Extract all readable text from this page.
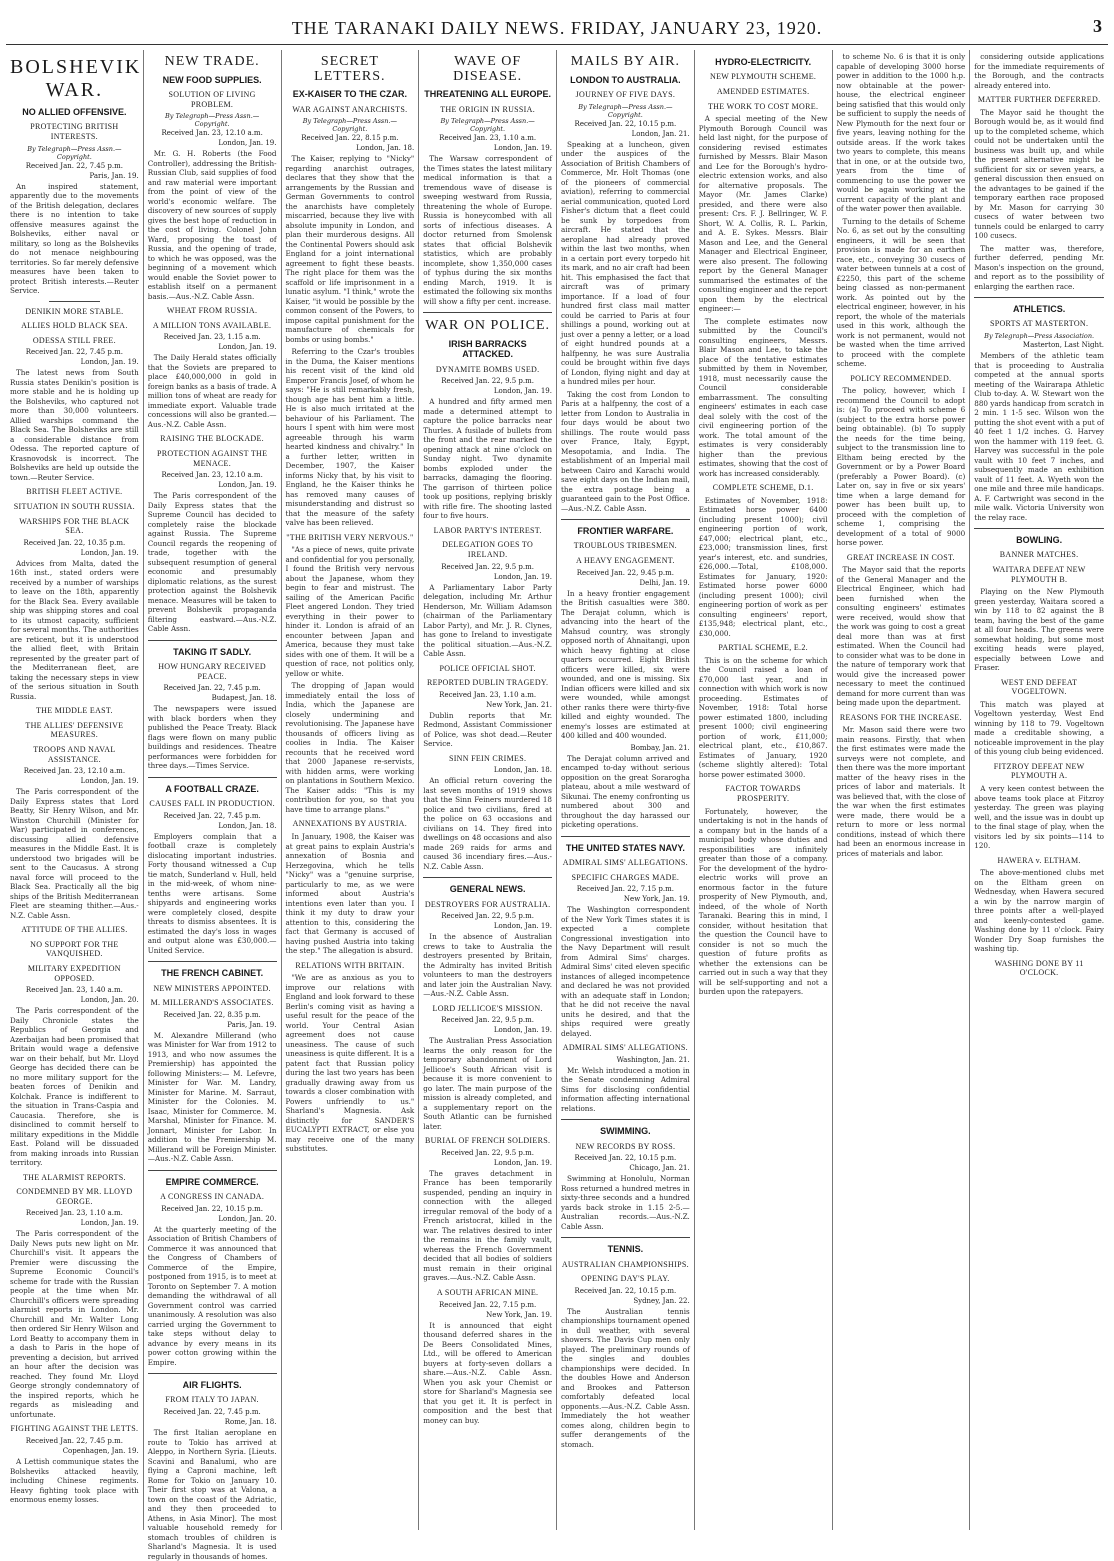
THE TARANAKI DAILY NEWS. FRIDAY, JANUARY 23, 1920.	3
BOLSHEVIK WAR.
NO ALLIED OFFENSIVE.
PROTECTING BRITISH INTERESTS.
By Telegraph—Press Assn.—Copyright.
Received Jan. 22, 7.45 p.m.
Paris, Jan. 19.

An inspired statement, apparently due to the movements of the British delegation, declares there is no intention to take offensive measures against the Bolsheviks, either naval or military, so long as the Bolsheviks do not menace neighbouring territories. So far merely defensive measures have been taken to protect British interests.—Reuter Service.

DENIKIN MORE STABLE.
ALLIES HOLD BLACK SEA.
ODESSA STILL FREE.
Received Jan. 22, 7.45 p.m.
London, Jan. 19.

The latest news from South Russia states Denikin's position is more stable and he is holding up the Bolsheviks, who captured not more than 30,000 volunteers. Allied warships command the Black Sea. The Bolsheviks are still a considerable distance from Odessa. The reported capture of Krasnovodsk is incorrect. The Bolsheviks are held up outside the town.—Reuter Service.

BRITISH FLEET ACTIVE.
SITUATION IN SOUTH RUSSIA.
WARSHIPS FOR THE BLACK SEA.
Received Jan. 22, 10.35 p.m.
London, Jan. 19.

Advices from Malta, dated the 16th inst., stated orders were received by a number of warships to leave on the 18th, apparently for the Black Sea. Every available ship was shipping stores and coal to its utmost capacity, sufficient for several months. The authorities are reticent, but it is understood the allied fleet, with Britain represented by the greater part of the Mediterranean fleet, are taking the necessary steps in view of the serious situation in South Russia.

THE MIDDLE EAST.
THE ALLIES' DEFENSIVE MEASURES.
TROOPS AND NAVAL ASSISTANCE.
Received Jan. 23, 12.10 a.m.
London, Jan. 19.

The Paris correspondent of the Daily Express states that Lord Beatty, Sir Henry Wilson, and Mr. Winston Churchill (Minister for War) participated in conferences, discussing allied defensive measures in the Middle East. It is understood two brigades will be sent to the Caucasus. A strong naval force will proceed to the Black Sea. Practically all the big ships of the British Mediterranean Fleet are steaming thither.—Aus.-N.Z. Cable Assn.

ATTITUDE OF THE ALLIES.
NO SUPPORT FOR THE VANQUISHED.
MILITARY EXPEDITION OPPOSED.
Received Jan. 23, 1.40 a.m.
London, Jan. 20.

The Paris correspondent of the Daily Chronicle states the Republics of Georgia and Azerbaijan had been promised that Britain would wage a defensive war on their behalf, but Mr. Lloyd George has decided there can be no more military support for the beaten forces of Denikin and Kolchak. France is indifferent to the situation in Trans-Caspia and Caucasia. Therefore, she is disinclined to commit herself to military expeditions in the Middle East. Poland will be dissuaded from making inroads into Russian territory.

THE ALARMIST REPORTS.
CONDEMNED BY MR. LLOYD GEORGE.
Received Jan. 23, 1.10 a.m.
London, Jan. 19.

The Paris correspondent of the Daily News puts new light on Mr. Churchill's visit. It appears the Premier were discussing the Supreme Economic Council's scheme for trade with the Russian people at the time when Mr. Churchill's officers were spreading alarmist reports in London. Mr. Churchill and Mr. Walter Long then ordered Sir Henry Wilson and Lord Beatty to accompany them in a dash to Paris in the hope of preventing a decision, but arrived an hour after the decision was reached. They found Mr. Lloyd George strongly condemnatory of the inspired reports, which he regards as misleading and unfortunate.

FIGHTING AGAINST THE LETTS.
Received Jan. 22, 7.45 p.m.
Copenhagen, Jan. 19.

A Lettish communique states the Bolsheviks attacked heavily, including Chinese regiments. Heavy fighting took place with enormous enemy losses.

NEW TRADE.
NEW FOOD SUPPLIES.
SOLUTION OF LIVING PROBLEM.
By Telegraph—Press Assn.—Copyright.
Received Jan. 23, 12.10 a.m.
London, Jan. 19.

Mr. G. H. Roberts (the Food Controller), addressing the British-Russian Club, said supplies of food and raw material were important from the point of view of the world's economic welfare. The discovery of new sources of supply gives the best hope of reduction in the cost of living. Colonel John Ward, proposing the toast of Russia, and the opening of trade, to which he was opposed, was the beginning of a movement which would enable the Soviet power to establish itself on a permanent basis.—Aus.-N.Z. Cable Assn.

WHEAT FROM RUSSIA.
A MILLION TONS AVAILABLE.
Received Jan. 23, 1.15 a.m.
London, Jan. 19.

The Daily Herald states officially that the Soviets are prepared to place £40,000,000 in gold in foreign banks as a basis of trade. A million tons of wheat are ready for immediate export. Valuable trade concessions will also be granted.—Aus.-N.Z. Cable Assn.

RAISING THE BLOCKADE.
PROTECTION AGAINST THE MENACE.
Received Jan. 23, 12.10 a.m.
London, Jan. 19.

The Paris correspondent of the Daily Express states that the Supreme Council has decided to completely raise the blockade against Russia. The Supreme Council regards the reopening of trade, together with the subsequent resumption of general economic and presumably diplomatic relations, as the surest protection against the Bolshevik menace. Measures will be taken to prevent Bolshevik propaganda filtering eastward.—Aus.-N.Z. Cable Assn.

TAKING IT SADLY.
HOW HUNGARY RECEIVED PEACE.
Received Jan. 22, 7.45 p.m.
Budapest, Jan. 18.

The newspapers were issued with black borders when they published the Peace Treaty. Black flags were flown on many public buildings and residences. Theatre performances were forbidden for three days.—Times Service.

A FOOTBALL CRAZE.
CAUSES FALL IN PRODUCTION.
Received Jan. 22, 7.45 p.m.
London, Jan. 18.

Employers complain that a football craze is completely dislocating important industries. Forty thousand witnessed a Cup tie match, Sunderland v. Hull, held in the mid-week, of whom nine-tenths were artisans. Some shipyards and engineering works were completely closed, despite threats to dismiss absentees. It is estimated the day's loss in wages and output alone was £30,000.—United Service.

THE FRENCH CABINET.
NEW MINISTERS APPOINTED.
M. MILLERAND'S ASSOCIATES.
Received Jan. 22, 8.35 p.m.
Paris, Jan. 19.

M. Alexandre Millerand (who was Minister for War from 1912 to 1913, and who now assumes the Premiership) has appointed the following Ministers:— M. Lefevre, Minister for War. M. Landry, Minister for Marine. M. Sarraut, Minister for the Colonies. M. Isaac, Minister for Commerce. M. Marshal, Minister for Finance. M. Jonnart, Minister for Labor. In addition to the Premiership M. Millerand will be Foreign Minister.—Aus.-N.Z. Cable Assn.

EMPIRE COMMERCE.
A CONGRESS IN CANADA.
Received Jan. 22, 10.15 p.m.
London, Jan. 20.

At the quarterly meeting of the Association of British Chambers of Commerce it was announced that the Congress of Chambers of Commerce of the Empire, postponed from 1915, is to meet at Toronto on September 7. A motion demanding the withdrawal of all Government control was carried unanimously. A resolution was also carried urging the Government to take steps without delay to advance by every means in its power cotton growing within the Empire.

AIR FLIGHTS.
FROM ITALY TO JAPAN.
Received Jan. 22, 7.45 p.m.
Rome, Jan. 18.

The first Italian aeroplane en route to Tokio has arrived at Aleppo, in Northern Syria. [Lieuts. Scavini and Banalumi, who are flying a Caproni machine, left Rome for Tokio on January 10. Their first stop was at Valona, a town on the coast of the Adriatic, and they then proceeded to Athens, in Asia Minor]. The most valuable household remedy for stomach troubles of children is Sharland's Magnesia. It is used regularly in thousands of homes.

SECRET LETTERS.
EX-KAISER TO THE CZAR.
WAR AGAINST ANARCHISTS.
By Telegraph—Press Assn.—Copyright.
Received Jan. 22, 8.15 p.m.
London, Jan. 18.

The Kaiser, replying to "Nicky" regarding anarchist outrages, declares that they show that the arrangements by the Russian and German Governments to control the anarchists have completely miscarried, because they live with absolute impunity in London, and plan their murderous designs. All the Continental Powers should ask England for a joint international agreement to fight these beasts. The right place for them was the scaffold or life imprisonment in a lunatic asylum. "I think," wrote the Kaiser, "it would be possible by the common consent of the Powers, to impose capital punishment for the manufacture of chemicals for bombs or using bombs."

Referring to the Czar's troubles in the Duma, the Kaiser mentions his recent visit of the kind old Emperor Francis Josef, of whom he says: "He is still remarkably fresh, though age has bent him a little. He is also much irritated at the behaviour of his Parliament. The hours I spent with him were most agreeable through his warm hearted kindness and chivalry." In a further letter, written in December, 1907, the Kaiser informs Nicky that, by his visit to England, he the Kaiser thinks he has removed many causes of misunderstanding and distrust so that the measure of the safety valve has been relieved.

"THE BRITISH VERY NERVOUS."

"As a piece of news, quite private and confidential for you personally, I found the British very nervous about the Japanese, whom they begin to fear and mistrust. The sailing of the American Pacific Fleet angered London. They tried everything in their power to hinder it. London is afraid of an encounter between Japan and America, because they must take sides with one of them. It will be a question of race, not politics only, yellow or white.

The dropping of Japan would immediately entail the loss of India, which the Japanese are closely undermining and revolutionising. The Japanese have thousands of officers living as coolies in India. The Kaiser recounts that he received word that 2000 Japanese re-servists, with hidden arms, were working on plantations in Southern Mexico. The Kaiser adds: "This is my contribution for you, so that you have time to arrange plans."

ANNEXATIONS BY AUSTRIA.

In January, 1908, the Kaiser was at great pains to explain Austria's annexation of Bosnia and Herzegovina, which he tells "Nicky" was a "genuine surprise, particularly to me, as we were informed about Austria's intentions even later than you. I think it my duty to draw your attention to this, considering the fact that Germany is accused of having pushed Austria into taking the step." The allegation is absurd.

RELATIONS WITH BRITAIN.

"We are as anxious as you to improve our relations with England and look forward to these Berlin's coming visit as having a useful result for the peace of the world. Your Central Asian agreement does not cause uneasiness. The cause of such uneasiness is quite different. It is a patent fact that Russian policy during the last two years has been gradually drawing away from us towards a closer combination with Powers unfriendly to us." Sharland's Magnesia. Ask distinctly for SANDER'S EUCALYPTI EXTRACT, or else you may receive one of the many substitutes.

WAVE OF DISEASE.
THREATENING ALL EUROPE.
THE ORIGIN IN RUSSIA.
By Telegraph—Press Assn.—Copyright.
Received Jan. 23, 1.10 a.m.
London, Jan. 19.

The Warsaw correspondent of the Times states the latest military medical information is that a tremendous wave of disease is sweeping westward from Russia, threatening the whole of Europe. Russia is honeycombed with all sorts of infectious diseases. A doctor returned from Smolensk states that official Bolshevik statistics, which are probably incomplete, show 1,350,000 cases of typhus during the six months ending March, 1919. It is estimated the following six months will show a fifty per cent. increase.

WAR ON POLICE.
IRISH BARRACKS ATTACKED.
DYNAMITE BOMBS USED.
Received Jan. 22, 9.5 p.m.
London, Jan. 19.

A hundred and fifty armed men made a determined attempt to capture the police barracks near Thurles. A fusilade of bullets from the front and the rear marked the opening attack at nine o'clock on Sunday night. Two dynamite bombs exploded under the barracks, damaging the flooring. The garrison of thirteen police took up positions, replying briskly with rifle fire. The shooting lasted four to five hours.

LABOR PARTY'S INTEREST.
DELEGATION GOES TO IRELAND.
Received Jan. 22, 9.5 p.m.
London, Jan. 19.

A Parliamentary Labor Party delegation, including Mr. Arthur Henderson, Mr. William Adamson (chairman of the Parliamentary Labor Party), and Mr. J. R. Clynes, has gone to Ireland to investigate the political situation.—Aus.-N.Z. Cable Assn.

POLICE OFFICIAL SHOT.
REPORTED DUBLIN TRAGEDY.
Received Jan. 23, 1.10 a.m.
New York, Jan. 21.

Dublin reports that Mr. Redmond, Assistant Commissioner of Police, was shot dead.—Reuter Service.

SINN FEIN CRIMES.
London, Jan. 18.

An official return covering the last seven months of 1919 shows that the Sinn Feiners murdered 18 police and two civilians, fired at the police on 63 occasions and civilians on 14. They fired into dwellings on 48 occasions and also made 269 raids for arms and caused 36 incendiary fires.—Aus.-N.Z. Cable Assn.

GENERAL NEWS.
DESTROYERS FOR AUSTRALIA.
Received Jan. 22, 9.5 p.m.
London, Jan. 19.

In the absence of Australian crews to take to Australia the destroyers presented by Britain, the Admiralty has invited British volunteers to man the destroyers and later join the Australian Navy.—Aus.-N.Z. Cable Assn.

LORD JELLICOE'S MISSION.
Received Jan. 22, 9.5 p.m.
London, Jan. 19.

The Australian Press Association learns the only reason for the temporary abandonment of Lord Jellicoe's South African visit is because it is more convenient to go later. The main purpose of the mission is already completed, and a supplementary report on the South Atlantic can be furnished later.

BURIAL OF FRENCH SOLDIERS.
Received Jan. 22, 9.5 p.m.
London, Jan. 19.

The graves detachment in France has been temporarily suspended, pending an inquiry in connection with the alleged irregular removal of the body of a French aristocrat, killed in the war. The relatives desired to inter the remains in the family vault, whereas the French Government decided that all bodies of soldiers must remain in their original graves.—Aus.-N.Z. Cable Assn.

A SOUTH AFRICAN MINE.
Received Jan. 22, 7.15 p.m.
New York, Jan. 19.

It is announced that eight thousand deferred shares in the De Beers Consolidated Mines, Ltd., will be offered to American buyers at forty-seven dollars a share.—Aus.-N.Z. Cable Assn. When you ask your Chemist or store for Sharland's Magnesia see that you get it. It is perfect in composition and the best that money can buy.

MAILS BY AIR.
LONDON TO AUSTRALIA.
JOURNEY OF FIVE DAYS.
By Telegraph—Press Assn.—Copyright.
Received Jan. 22, 10.15 p.m.
London, Jan. 21.

Speaking at a luncheon, given under the auspices of the Association of British Chambers of Commerce, Mr. Holt Thomas (one of the pioneers of commercial aviation), referring to commercial aerial communication, quoted Lord Fisher's dictum that a fleet could be sunk by torpedoes from aircraft. He stated that the aeroplane had already proved within the last two months, when in a certain port every torpedo hit its mark, and no air craft had been hit. This emphasised the fact that aircraft was of primary importance. If a load of four hundred first class mail matter could be carried to Paris at four shillings a pound, working out at just over a penny a letter, or a load of eight hundred pounds at a halfpenny, he was sure Australia could be brought within five days of London, flying night and day at a hundred miles per hour.

Taking the cost from London to Paris at a halfpenny, the cost of a letter from London to Australia in four days would be about two shillings. The route would pass over France, Italy, Egypt, Mesopotamia, and India. The establishment of an Imperial mail between Cairo and Karachi would save eight days on the Indian mail, the extra postage being a guaranteed gain to the Post Office.—Aus.-N.Z. Cable Assn.

FRONTIER WARFARE.
TROUBLOUS TRIBESMEN.
A HEAVY ENGAGEMENT.
Received Jan. 22, 9.45 p.m.
Delhi, Jan. 19.

In a heavy frontier engagement the British casualties were 380. The Derajat column, which is advancing into the heart of the Mahsud country, was strongly opposed north of Ahnaitangi, upon which heavy fighting at close quarters occurred. Eight British officers were killed, six were wounded, and one is missing. Six Indian officers were killed and six were wounded, while amongst other ranks there were thirty-five killed and eighty wounded. The enemy's losses are estimated at 400 killed and 400 wounded.

Bombay, Jan. 21.

The Derajat column arrived and encamped to-day without serious opposition on the great Sorarogha plateau, about a mile westward of Sikunai. The enemy confronting us numbered about 300 and throughout the day harassed our picketing operations.

THE UNITED STATES NAVY.
ADMIRAL SIMS' ALLEGATIONS.
SPECIFIC CHARGES MADE.
Received Jan. 22, 7.15 p.m.
New York, Jan. 19.

The Washington correspondent of the New York Times states it is expected a complete Congressional investigation into the Navy Department will result from Admiral Sims' charges. Admiral Sims' cited eleven specific instances of alleged incompetence and declared he was not provided with an adequate staff in London; that he did not receive the naval units he desired, and that the ships required were greatly delayed.

ADMIRAL SIMS' ALLEGATIONS.
Washington, Jan. 21.

Mr. Welsh introduced a motion in the Senate condemning Admiral Sims for disclosing confidential information affecting international relations.

SWIMMING.
NEW RECORDS BY ROSS.
Received Jan. 22, 10.15 p.m.
Chicago, Jan. 21.

Swimming at Honolulu, Norman Ross returned a hundred metres in sixty-three seconds and a hundred yards back stroke in 1.15 2-5.—Australian records.—Aus.-N.Z. Cable Assn.

TENNIS.
AUSTRALIAN CHAMPIONSHIPS.
OPENING DAY'S PLAY.
Received Jan. 22, 10.15 p.m.
Sydney, Jan. 22.

The Australian tennis championships tournament opened in dull weather, with several showers. The Davis Cup men only played. The preliminary rounds of the singles and doubles championships were decided. In the doubles Howe and Anderson and Brookes and Patterson comfortably defeated local opponents.—Aus.-N.Z. Cable Assn. Immediately the hot weather comes along, children begin to suffer derangements of the stomach.

HYDRO-ELECTRICITY.
NEW PLYMOUTH SCHEME.
AMENDED ESTIMATES.
THE WORK TO COST MORE.

A special meeting of the New Plymouth Borough Council was held last night, for the purpose of considering revised estimates furnished by Messrs. Blair Mason and Lee for the Borough's hydro-electric extension works, and also for alternative proposals. The Mayor (Mr. James Clarke) presided, and there were also present: Crs. F. J. Bellringer, W. F. Short, W. A. Collis, R. L. Parkin, and A. E. Sykes. Messrs. Blair Mason and Lee, and the General Manager and Electrical Engineer, were also present. The following report by the General Manager summarised the estimates of the consulting engineer and the report upon them by the electrical engineer:—

The complete estimates now submitted by the Council's consulting engineers, Messrs. Blair Mason and Lee, to take the place of the tentative estimates submitted by them in November, 1918, must necessarily cause the Council considerable embarrassment. The consulting engineers' estimates in each case deal solely with the cost of the civil engineering portion of the work. The total amount of the estimates is very considerably higher than the previous estimates, showing that the cost of work has increased considerably.

COMPLETE SCHEME, D.1.

Estimates of November, 1918: Estimated horse power 6400 (including present 1000); civil engineering portion of work, £47,000; electrical plant, etc., £23,000; transmission lines, first year's interest, etc. and sundries, £26,000.—Total, £108,000. Estimates for January, 1920: Estimated horse power 6000 (including present 1000); civil engineering portion of work as per consulting engineers' report, £135,948; electrical plant, etc., £30,000.

PARTIAL SCHEME, E.2.

This is on the scheme for which the Council raised a loan of £70,000 last year, and in connection with which work is now proceeding. Estimates of November, 1918: Total horse power estimated 1800, including present 1000; civil engineering portion of work, £11,000; electrical plant, etc., £10,867. Estimates of January, 1920 (scheme slightly altered): Total horse power estimated 3000.

FACTOR TOWARDS PROSPERITY.

Fortunately, however, the undertaking is not in the hands of a company but in the hands of a municipal body whose duties and responsibilities are infinitely greater than those of a company. For the development of the hydro-electric works will prove an enormous factor in the future prosperity of New Plymouth, and, indeed, of the whole of North Taranaki. Bearing this in mind, I consider, without hesitation that the question the Council have to consider is not so much the question of future profits as whether the extensions can be carried out in such a way that they will be self-supporting and not a burden upon the ratepayers.

to scheme No. 6 is that it is only capable of developing 3000 horse power in addition to the 1000 h.p. now obtainable at the power-house, the electrical engineer being satisfied that this would only be sufficient to supply the needs of New Plymouth for the next four or five years, leaving nothing for the outside areas. If the work takes two years to complete, this means that in one, or at the outside two, years from the time of commencing to use the power we would be again working at the current capacity of the plant and of the water power then available.

Turning to the details of Scheme No. 6, as set out by the consulting engineers, it will be seen that provision is made for an earthen race, etc., conveying 30 cusecs of water between tunnels at a cost of £2250, this part of the scheme being classed as non-permanent work. As pointed out by the electrical engineer, however, in his report, the whole of the materials used in this work, although the work is not permanent, would not be wasted when the time arrived to proceed with the complete scheme.

POLICY RECOMMENDED.

The policy, however, which I recommend the Council to adopt is: (a) To proceed with scheme 6 (subject to the extra horse power being obtainable). (b) To supply the needs for the time being, subject to the transmission line to Eltham being erected by the Government or by a Power Board (preferably a Power Board). (c) Later on, say in five or six years' time when a large demand for power has been built up, to proceed with the completion of scheme 1, comprising the development of a total of 9000 horse power.

GREAT INCREASE IN COST.

The Mayor said that the reports of the General Manager and the Electrical Engineer, which had been furnished when the consulting engineers' estimates were received, would show that the work was going to cost a great deal more than was at first estimated. When the Council had to consider what was to be done in the nature of temporary work that would give the increased power necessary to meet the continued demand for more current than was being made upon the department.

REASONS FOR THE INCREASE.

Mr. Mason said there were two main reasons. Firstly, that when the first estimates were made the surveys were not complete, and then there was the more important matter of the heavy rises in the prices of labor and materials. It was believed that, with the close of the war when the first estimates were made, there would be a return to more or less normal conditions, instead of which there had been an enormous increase in prices of materials and labor.

considering outside applications for the immediate requirements of the Borough, and the contracts already entered into.

MATTER FURTHER DEFERRED.

The Mayor said he thought the Borough would be, as it would find up to the completed scheme, which could not be undertaken until the business was built up, and while the present alternative might be sufficient for six or seven years, a general discussion then ensued on the advantages to be gained if the temporary earthen race proposed by Mr. Mason for carrying 30 cusecs of water between two tunnels could be enlarged to carry 100 cusecs.

The matter was, therefore, further deferred, pending Mr. Mason's inspection on the ground, and report as to the possibility of enlarging the earthen race.

ATHLETICS.
SPORTS AT MASTERTON.
By Telegraph—Press Association.
Masterton, Last Night.

Members of the athletic team that is proceeding to Australia competed at the annual sports meeting of the Wairarapa Athletic Club to-day. A. W. Stewart won the 880 yards handicap from scratch in 2 min. 1 1-5 sec. Wilson won the putting the shot event with a put of 40 feet 1 1/2 inches. G. Harvey won the hammer with 119 feet. G. Harvey was successful in the pole vault with 10 feet 7 inches, and subsequently made an exhibition vault of 11 feet. A. Wyeth won the one mile and three mile handicaps. A. F. Cartwright was second in the mile walk. Victoria University won the relay race.

BOWLING.
BANNER MATCHES.
WAITARA DEFEAT NEW PLYMOUTH B.

Playing on the New Plymouth green yesterday, Waitara scored a win by 118 to 82 against the B team, having the best of the game at all four heads. The greens were somewhat holding, but some most exciting heads were played, especially between Lowe and Fraser.

WEST END DEFEAT VOGELTOWN.

This match was played at Vogeltown yesterday, West End winning by 118 to 79. Vogeltown made a creditable showing, a noticeable improvement in the play of this young club being evidenced.

FITZROY DEFEAT NEW PLYMOUTH A.

A very keen contest between the above teams took place at Fitzroy yesterday. The green was playing well, and the issue was in doubt up to the final stage of play, when the visitors led by six points—114 to 120.

HAWERA v. ELTHAM.

The above-mentioned clubs met on the Eltham green on Wednesday, when Hawera secured a win by the narrow margin of three points after a well-played and keenly-contested game. Washing done by 11 o'clock. Fairy Wonder Dry Soap furnishes the washing tip.

WASHING DONE BY 11 O'CLOCK.
